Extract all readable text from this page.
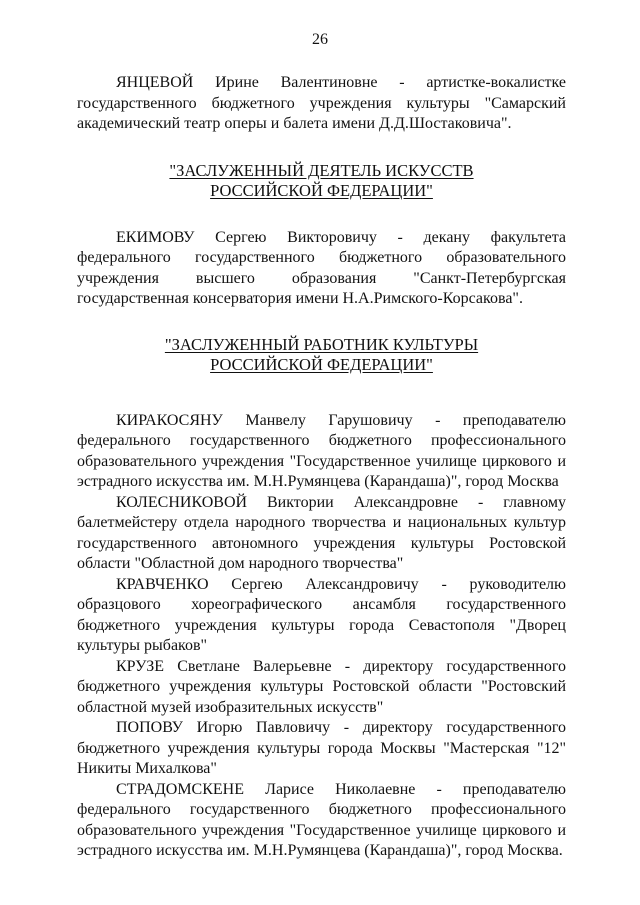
26

ЯНЦЕВОЙ Ирине Валентиновне - артистке-вокалистке государственного бюджетного учреждения культуры "Самарский академический театр оперы и балета имени Д.Д.Шостаковича".

"ЗАСЛУЖЕННЫЙ ДЕЯТЕЛЬ ИСКУССТВ
РОССИЙСКОЙ ФЕДЕРАЦИИ"

ЕКИМОВУ Сергею Викторовичу - декану факультета федерального государственного бюджетного образовательного учреждения высшего образования "Санкт-Петербургская государственная консерватория имени Н.А.Римского-Корсакова".

"ЗАСЛУЖЕННЫЙ РАБОТНИК КУЛЬТУРЫ
РОССИЙСКОЙ ФЕДЕРАЦИИ"

КИРАКОСЯНУ Манвелу Гарушовичу - преподавателю федерального государственного бюджетного профессионального образовательного учреждения "Государственное училище циркового и эстрадного искусства им. М.Н.Румянцева (Карандаша)", город Москва

КОЛЕСНИКОВОЙ Виктории Александровне - главному балетмейстеру отдела народного творчества и национальных культур государственного автономного учреждения культуры Ростовской области "Областной дом народного творчества"

КРАВЧЕНКО Сергею Александровичу - руководителю образцового хореографического ансамбля государственного бюджетного учреждения культуры города Севастополя "Дворец культуры рыбаков"

КРУЗЕ Светлане Валерьевне - директору государственного бюджетного учреждения культуры Ростовской области "Ростовский областной музей изобразительных искусств"

ПОПОВУ Игорю Павловичу - директору государственного бюджетного учреждения культуры города Москвы "Мастерская "12" Никиты Михалкова"

СТРАДОМСКЕНЕ Ларисе Николаевне - преподавателю федерального государственного бюджетного профессионального образовательного учреждения "Государственное училище циркового и эстрадного искусства им. М.Н.Румянцева (Карандаша)", город Москва.
